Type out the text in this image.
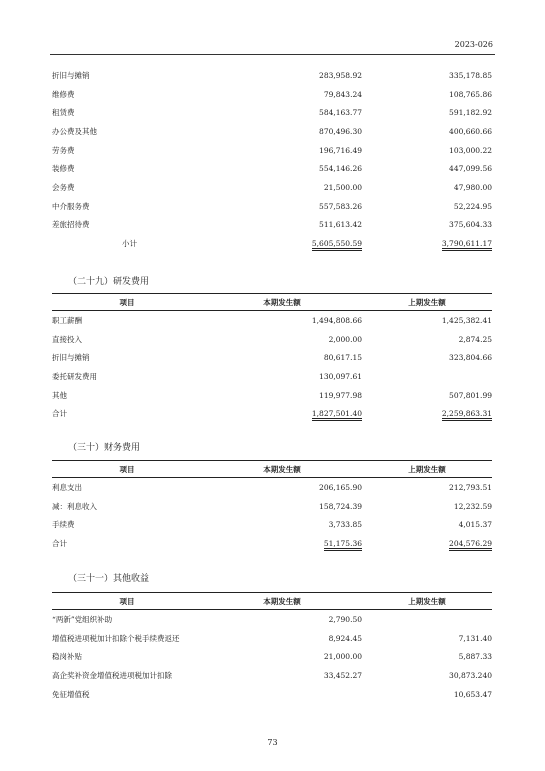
2023-026
折旧与摊销	283,958.92	335,178.85
维修费	79,843.24	108,765.86
租赁费	584,163.77	591,182.92
办公费及其他	870,496.30	400,660.66
劳务费	196,716.49	103,000.22
装修费	554,146.26	447,099.56
会务费	21,500.00	47,980.00
中介服务费	557,583.26	52,224.95
差旅招待费	511,613.42	375,604.33
小计	5,605,550.59	3,790,611.17
（二十九）研发费用
项目	本期发生额	上期发生额
职工薪酬	1,494,808.66	1,425,382.41
直接投入	2,000.00	2,874.25
折旧与摊销	80,617.15	323,804.66
委托研发费用	130,097.61	
其他	119,977.98	507,801.99
合计	1,827,501.40	2,259,863.31
（三十）财务费用
项目	本期发生额	上期发生额
利息支出	206,165.90	212,793.51
减：利息收入	158,724.39	12,232.59
手续费	3,733.85	4,015.37
合计	51,175.36	204,576.29
（三十一）其他收益
项目	本期发生额	上期发生额
“两新”党组织补助	2,790.50	
增值税进项税加计扣除个税手续费返还	8,924.45	7,131.40
稳岗补贴	21,000.00	5,887.33
高企奖补资金增值税进项税加计扣除	33,452.27	30,873.240
免征增值税		10,653.47
73
